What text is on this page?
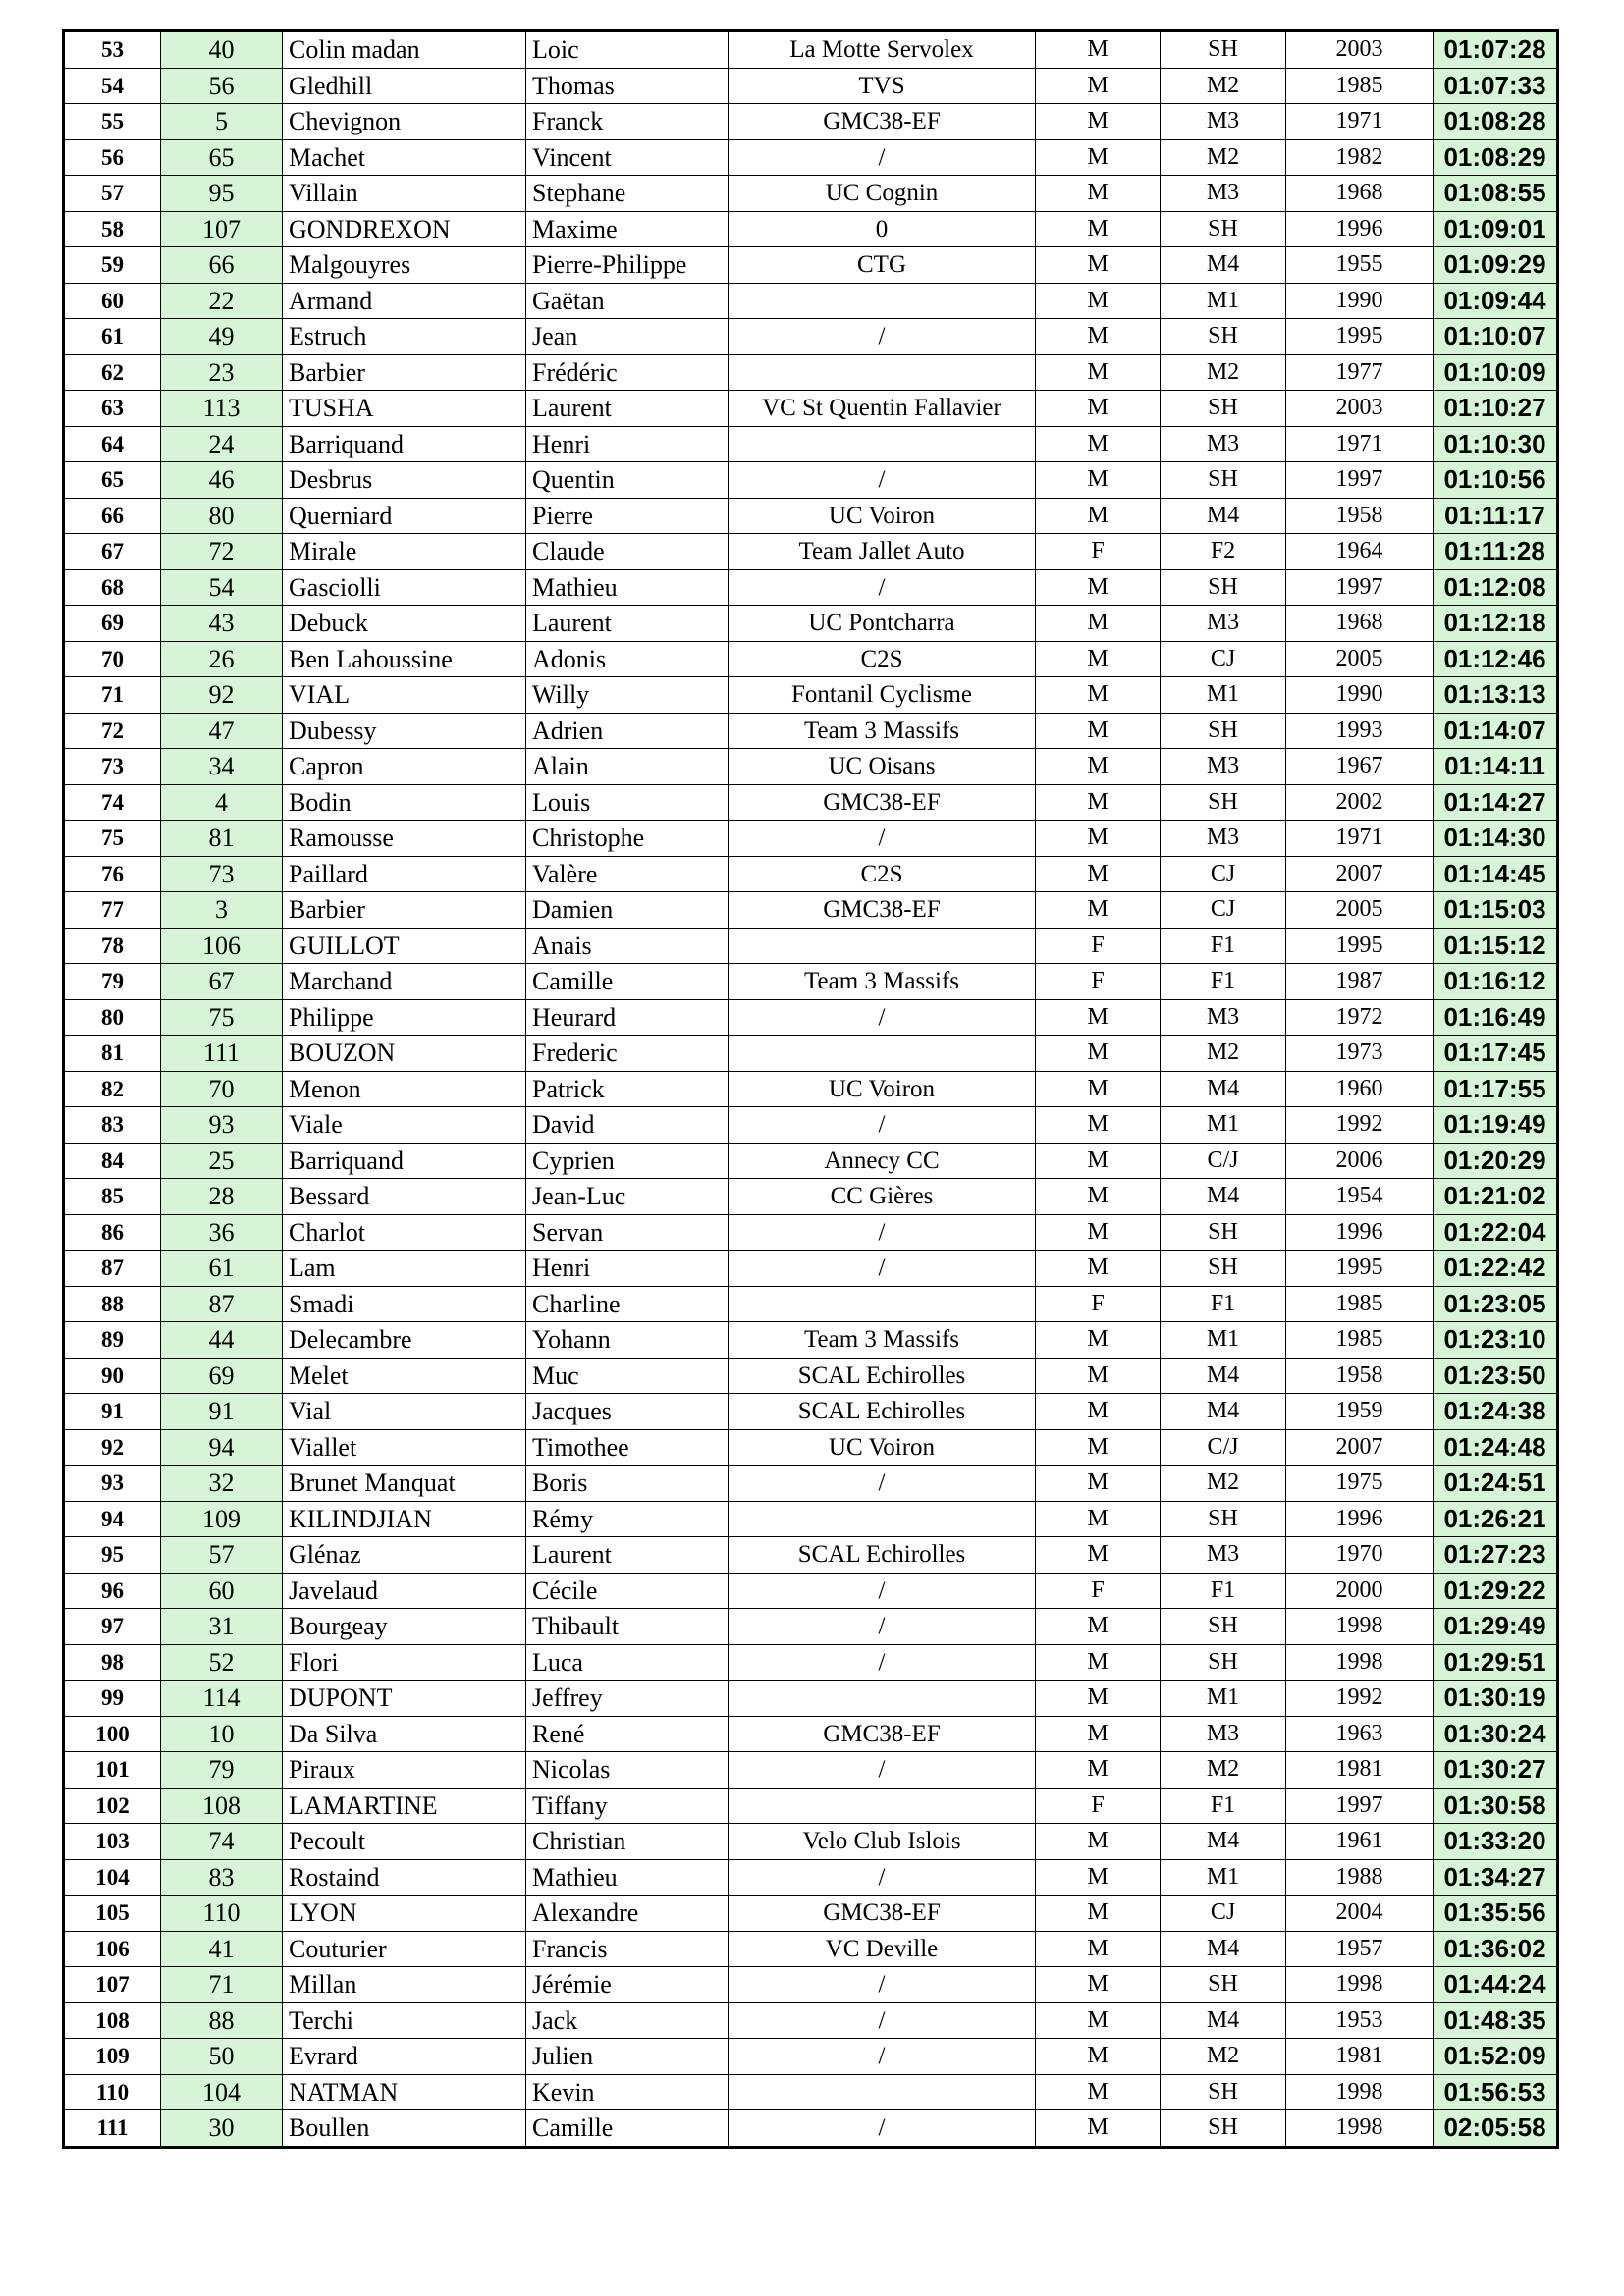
53	40	Colin madan	Loic	La Motte Servolex	M	SH	2003	01:07:28
54	56	Gledhill	Thomas	TVS	M	M2	1985	01:07:33
55	5	Chevignon	Franck	GMC38-EF	M	M3	1971	01:08:28
56	65	Machet	Vincent	/	M	M2	1982	01:08:29
57	95	Villain	Stephane	UC Cognin	M	M3	1968	01:08:55
58	107	GONDREXON	Maxime	0	M	SH	1996	01:09:01
59	66	Malgouyres	Pierre-Philippe	CTG	M	M4	1955	01:09:29
60	22	Armand	Gaëtan		M	M1	1990	01:09:44
61	49	Estruch	Jean	/	M	SH	1995	01:10:07
62	23	Barbier	Frédéric		M	M2	1977	01:10:09
63	113	TUSHA	Laurent	VC St Quentin Fallavier	M	SH	2003	01:10:27
64	24	Barriquand	Henri		M	M3	1971	01:10:30
65	46	Desbrus	Quentin	/	M	SH	1997	01:10:56
66	80	Querniard	Pierre	UC Voiron	M	M4	1958	01:11:17
67	72	Mirale	Claude	Team Jallet Auto	F	F2	1964	01:11:28
68	54	Gasciolli	Mathieu	/	M	SH	1997	01:12:08
69	43	Debuck	Laurent	UC Pontcharra	M	M3	1968	01:12:18
70	26	Ben Lahoussine	Adonis	C2S	M	CJ	2005	01:12:46
71	92	VIAL	Willy	Fontanil Cyclisme	M	M1	1990	01:13:13
72	47	Dubessy	Adrien	Team 3 Massifs	M	SH	1993	01:14:07
73	34	Capron	Alain	UC Oisans	M	M3	1967	01:14:11
74	4	Bodin	Louis	GMC38-EF	M	SH	2002	01:14:27
75	81	Ramousse	Christophe	/	M	M3	1971	01:14:30
76	73	Paillard	Valère	C2S	M	CJ	2007	01:14:45
77	3	Barbier	Damien	GMC38-EF	M	CJ	2005	01:15:03
78	106	GUILLOT	Anais		F	F1	1995	01:15:12
79	67	Marchand	Camille	Team 3 Massifs	F	F1	1987	01:16:12
80	75	Philippe	Heurard	/	M	M3	1972	01:16:49
81	111	BOUZON	Frederic		M	M2	1973	01:17:45
82	70	Menon	Patrick	UC Voiron	M	M4	1960	01:17:55
83	93	Viale	David	/	M	M1	1992	01:19:49
84	25	Barriquand	Cyprien	Annecy CC	M	C/J	2006	01:20:29
85	28	Bessard	Jean-Luc	CC Gières	M	M4	1954	01:21:02
86	36	Charlot	Servan	/	M	SH	1996	01:22:04
87	61	Lam	Henri	/	M	SH	1995	01:22:42
88	87	Smadi	Charline		F	F1	1985	01:23:05
89	44	Delecambre	Yohann	Team 3 Massifs	M	M1	1985	01:23:10
90	69	Melet	Muc	SCAL Echirolles	M	M4	1958	01:23:50
91	91	Vial	Jacques	SCAL Echirolles	M	M4	1959	01:24:38
92	94	Viallet	Timothee	UC Voiron	M	C/J	2007	01:24:48
93	32	Brunet Manquat	Boris	/	M	M2	1975	01:24:51
94	109	KILINDJIAN	Rémy		M	SH	1996	01:26:21
95	57	Glénaz	Laurent	SCAL Echirolles	M	M3	1970	01:27:23
96	60	Javelaud	Cécile	/	F	F1	2000	01:29:22
97	31	Bourgeay	Thibault	/	M	SH	1998	01:29:49
98	52	Flori	Luca	/	M	SH	1998	01:29:51
99	114	DUPONT	Jeffrey		M	M1	1992	01:30:19
100	10	Da Silva	René	GMC38-EF	M	M3	1963	01:30:24
101	79	Piraux	Nicolas	/	M	M2	1981	01:30:27
102	108	LAMARTINE	Tiffany		F	F1	1997	01:30:58
103	74	Pecoult	Christian	Velo Club Islois	M	M4	1961	01:33:20
104	83	Rostaind	Mathieu	/	M	M1	1988	01:34:27
105	110	LYON	Alexandre	GMC38-EF	M	CJ	2004	01:35:56
106	41	Couturier	Francis	VC Deville	M	M4	1957	01:36:02
107	71	Millan	Jérémie	/	M	SH	1998	01:44:24
108	88	Terchi	Jack	/	M	M4	1953	01:48:35
109	50	Evrard	Julien	/	M	M2	1981	01:52:09
110	104	NATMAN	Kevin		M	SH	1998	01:56:53
111	30	Boullen	Camille	/	M	SH	1998	02:05:58
